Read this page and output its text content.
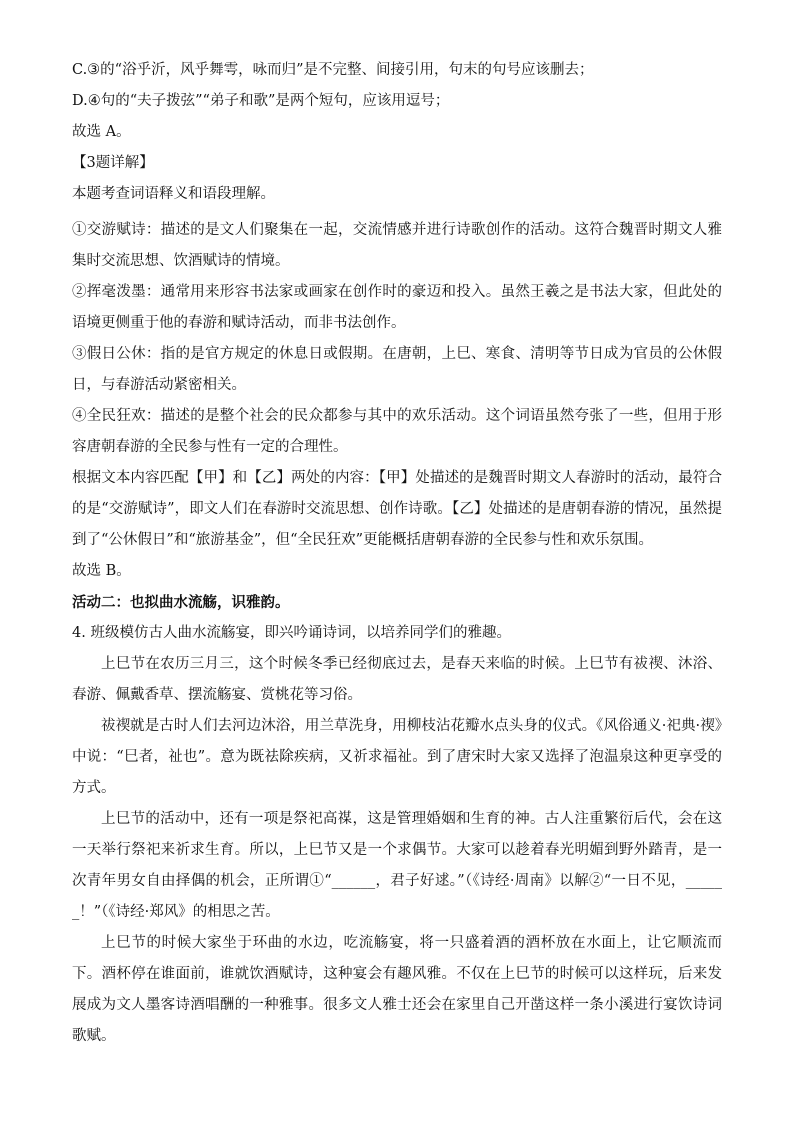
C.③的“浴乎沂，风乎舞雩，咏而归”是不完整、间接引用，句末的句号应该删去；

D.④句的“夫子拨弦”“弟子和歌”是两个短句，应该用逗号；

故选 A。

【3题详解】

本题考查词语释义和语段理解。

①交游赋诗：描述的是文人们聚集在一起，交流情感并进行诗歌创作的活动。这符合魏晋时期文人雅集时交流思想、饮酒赋诗的情境。

②挥毫泼墨：通常用来形容书法家或画家在创作时的豪迈和投入。虽然王羲之是书法大家，但此处的语境更侧重于他的春游和赋诗活动，而非书法创作。

③假日公休：指的是官方规定的休息日或假期。在唐朝，上巳、寒食、清明等节日成为官员的公休假日，与春游活动紧密相关。

④全民狂欢：描述的是整个社会的民众都参与其中的欢乐活动。这个词语虽然夸张了一些，但用于形容唐朝春游的全民参与性有一定的合理性。

根据文本内容匹配【甲】和【乙】两处的内容：【甲】处描述的是魏晋时期文人春游时的活动，最符合的是“交游赋诗”，即文人们在春游时交流思想、创作诗歌。【乙】处描述的是唐朝春游的情况，虽然提到了“公休假日”和“旅游基金”，但“全民狂欢”更能概括唐朝春游的全民参与性和欢乐氛围。

故选 B。

活动二：也拟曲水流觞，识雅韵。

4. 班级模仿古人曲水流觞宴，即兴吟诵诗词，以培养同学们的雅趣。

上巳节在农历三月三，这个时候冬季已经彻底过去，是春天来临的时候。上巳节有祓禊、沐浴、春游、佩戴香草、摆流觞宴、赏桃花等习俗。

祓禊就是古时人们去河边沐浴，用兰草洗身，用柳枝沾花瓣水点头身的仪式。《风俗通义·祀典·禊》中说：“巳者，祉也”。意为既祛除疾病，又祈求福祉。到了唐宋时大家又选择了泡温泉这种更享受的方式。

上巳节的活动中，还有一项是祭祀高禖，这是管理婚姻和生育的神。古人注重繁衍后代，会在这一天举行祭祀来祈求生育。所以，上巳节又是一个求偶节。大家可以趁着春光明媚到野外踏青，是一次青年男女自由择偶的机会，正所谓①“______，君子好逑。”（《诗经·周南》以解②“一日不见，______！”（《诗经·郑风》的相思之苦。

上巳节的时候大家坐于环曲的水边，吃流觞宴，将一只盛着酒的酒杯放在水面上，让它顺流而下。酒杯停在谁面前，谁就饮酒赋诗，这种宴会有趣风雅。不仅在上巳节的时候可以这样玩，后来发展成为文人墨客诗酒唱酬的一种雅事。很多文人雅士还会在家里自己开凿这样一条小溪进行宴饮诗词歌赋。
